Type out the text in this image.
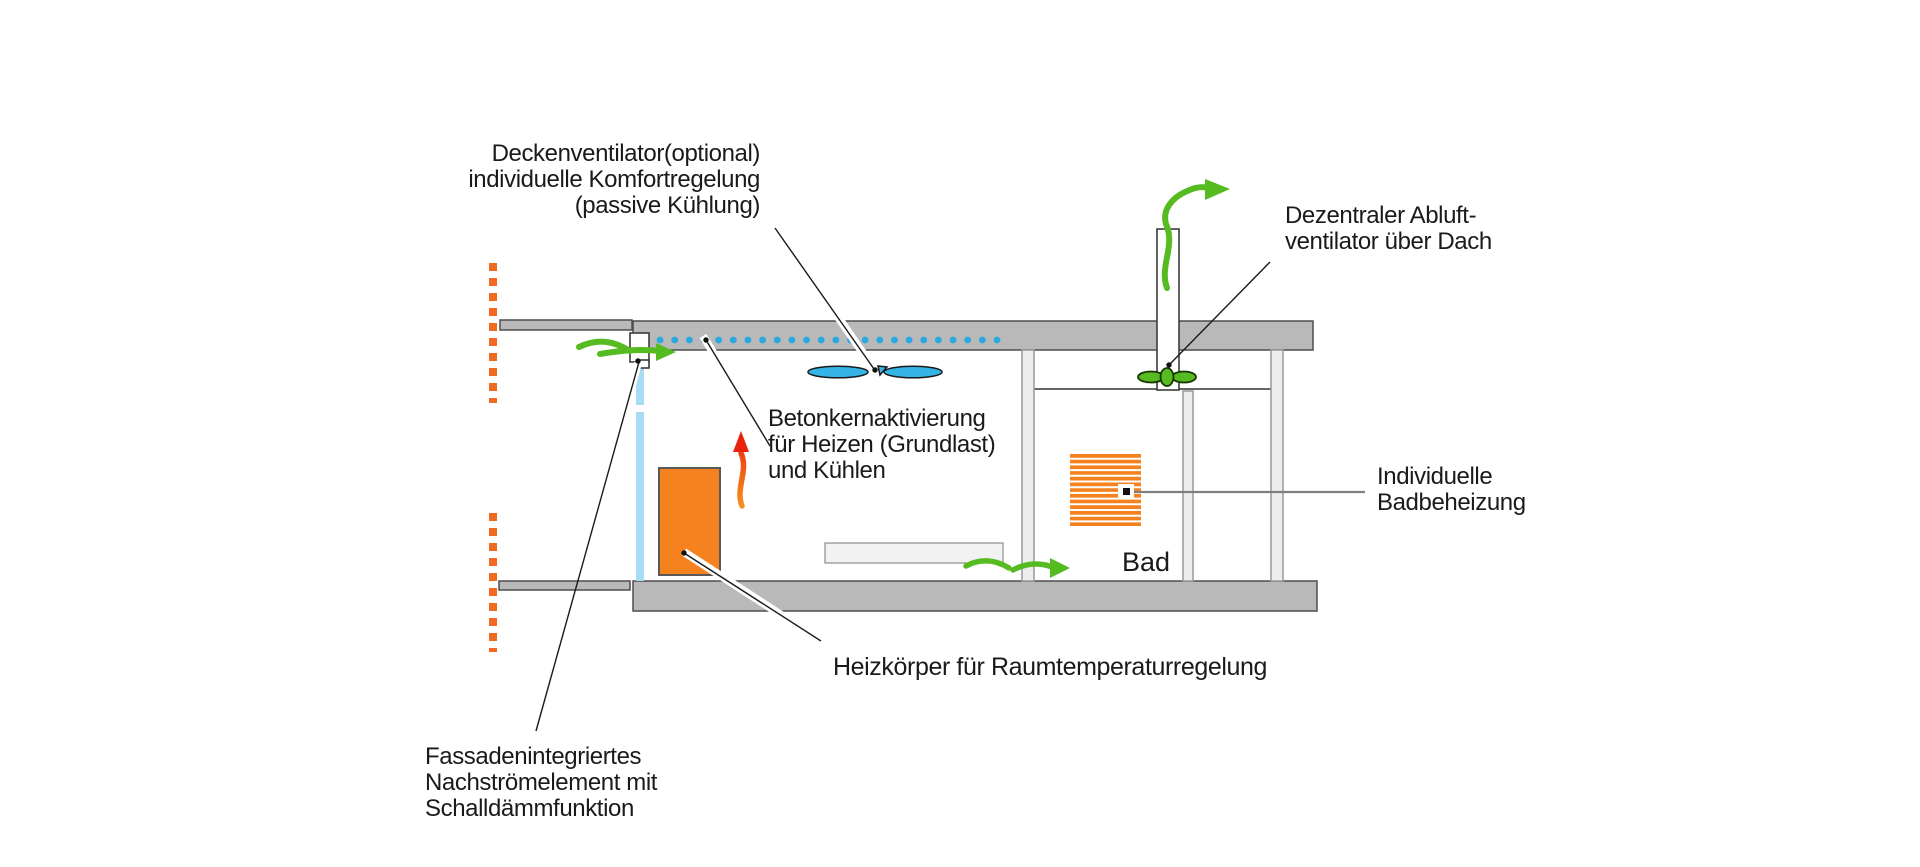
Deckenventilator(optional)
individuelle Komfortregelung
(passive Kühlung)	Dezentraler Abluft-
ventilator über Dach
Betonkernaktivierung
für Heizen (Grundlast)
und Kühlen	Individuelle
Badbeheizung
Bad
Heizkörper für Raumtemperaturregelung
Fassadenintegriertes
Nachströmelement mit
Schalldämmfunktion
